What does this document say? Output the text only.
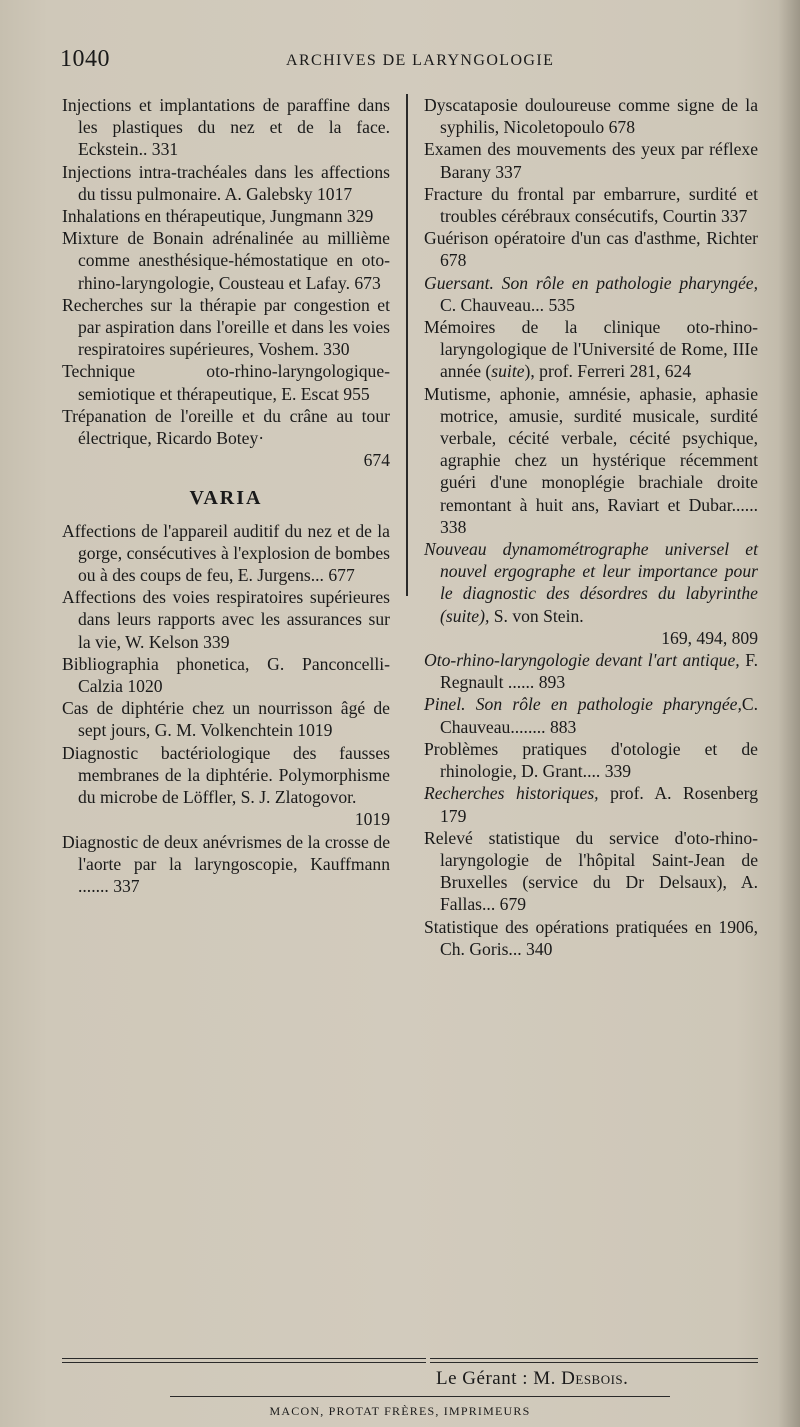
1040	ARCHIVES DE LARYNGOLOGIE

Injections et implantations de paraffine dans les plastiques du nez et de la face. Eckstein.. 331

Injections intra-trachéales dans les affections du tissu pulmonaire. A. Galebsky 1017

Inhalations en thérapeutique, Jungmann 329

Mixture de Bonain adrénalinée au millième comme anesthésique-hémostatique en oto-rhino-laryngologie, Cousteau et Lafay. 673

Recherches sur la thérapie par congestion et par aspiration dans l'oreille et dans les voies respiratoires supérieures, Voshem. 330

Technique oto-rhino-laryngologique-semiotique et thérapeutique, E. Escat 955

Trépanation de l'oreille et du crâne au tour électrique, Ricardo Botey·

674

VARIA

Affections de l'appareil auditif du nez et de la gorge, consécutives à l'explosion de bombes ou à des coups de feu, E. Jurgens... 677

Affections des voies respiratoires supérieures dans leurs rapports avec les assurances sur la vie, W. Kelson 339

Bibliographia phonetica, G. Panconcelli-Calzia 1020

Cas de diphtérie chez un nourrisson âgé de sept jours, G. M. Volkenchtein 1019

Diagnostic bactériologique des fausses membranes de la diphtérie. Polymorphisme du microbe de Löffler, S. J. Zlatogovor.

1019

Diagnostic de deux anévrismes de la crosse de l'aorte par la laryngoscopie, Kauffmann ....... 337

Dyscataposie douloureuse comme signe de la syphilis, Nicoletopoulo 678

Examen des mouvements des yeux par réflexe Barany 337

Fracture du frontal par embarrure, surdité et troubles cérébraux consécutifs, Courtin 337

Guérison opératoire d'un cas d'asthme, Richter 678

Guersant. Son rôle en pathologie pharyngée, C. Chauveau... 535

Mémoires de la clinique oto-rhino-laryngologique de l'Université de Rome, IIIe année (suite), prof. Ferreri 281, 624

Mutisme, aphonie, amnésie, aphasie, aphasie motrice, amusie, surdité musicale, surdité verbale, cécité verbale, cécité psychique, agraphie chez un hystérique récemment guéri d'une monoplégie brachiale droite remontant à huit ans, Raviart et Dubar...... 338

Nouveau dynamométrographe universel et nouvel ergographe et leur importance pour le diagnostic des désordres du labyrinthe (suite), S. von Stein.

169, 494, 809

Oto-rhino-laryngologie devant l'art antique, F. Regnault ...... 893

Pinel. Son rôle en pathologie pharyngée,C. Chauveau........ 883

Problèmes pratiques d'otologie et de rhinologie, D. Grant.... 339

Recherches historiques, prof. A. Rosenberg 179

Relevé statistique du service d'oto-rhino-laryngologie de l'hôpital Saint-Jean de Bruxelles (service du Dr Delsaux), A. Fallas... 679

Statistique des opérations pratiquées en 1906, Ch. Goris... 340

Le Gérant : M. Desbois.
MACON, PROTAT FRÈRES, IMPRIMEURS
